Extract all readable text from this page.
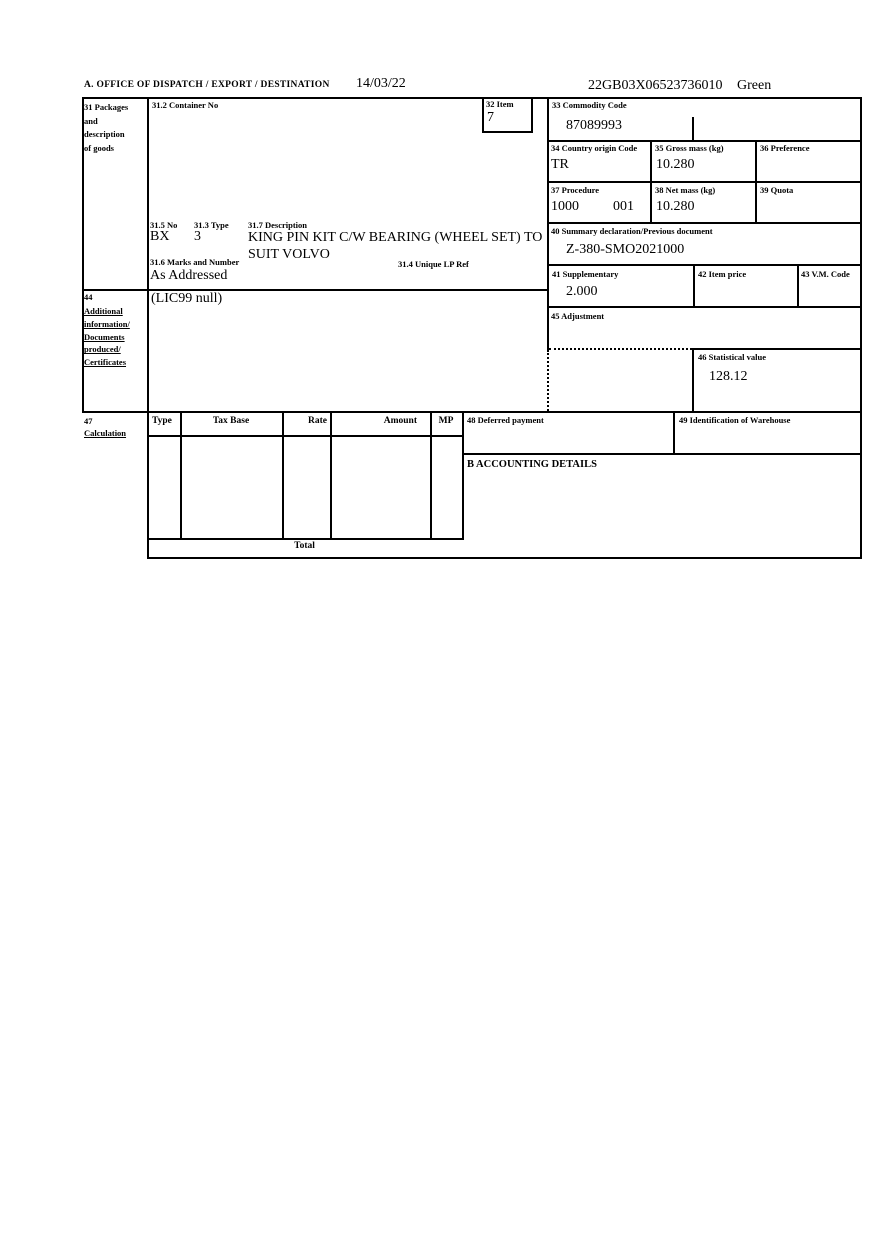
A. OFFICE OF DISPATCH / EXPORT / DESTINATION 14/03/22	22GB03X06523736010 Green
31 Packages
and
description
of goods
31.2 Container No	32 Item
7
31.5 No 31.3 Type 31.7 Description
BX 3	KING PIN KIT C/W BEARING (WHEEL SET) TO SUIT VOLVO
31.6 Marks and Number	31.4 Unique LP Ref
As Addressed
33 Commodity Code
87089993
34 Country origin Code
TR
35 Gross mass (kg)
10.280
36 Preference
37 Procedure
1000 001
38 Net mass (kg)
10.280
39 Quota
40 Summary declaration/Previous document
Z-380-SMO2021000
41 Supplementary
2.000
42 Item price	43 V.M. Code
45 Adjustment
46 Statistical value
128.12
44
Additional
information/
Documents
produced/
Certificates
(LIC99 null)
47
Calculation
Type	Tax Base	Rate	Amount	MP
Total
48 Deferred payment	49 Identification of Warehouse
B ACCOUNTING DETAILS
